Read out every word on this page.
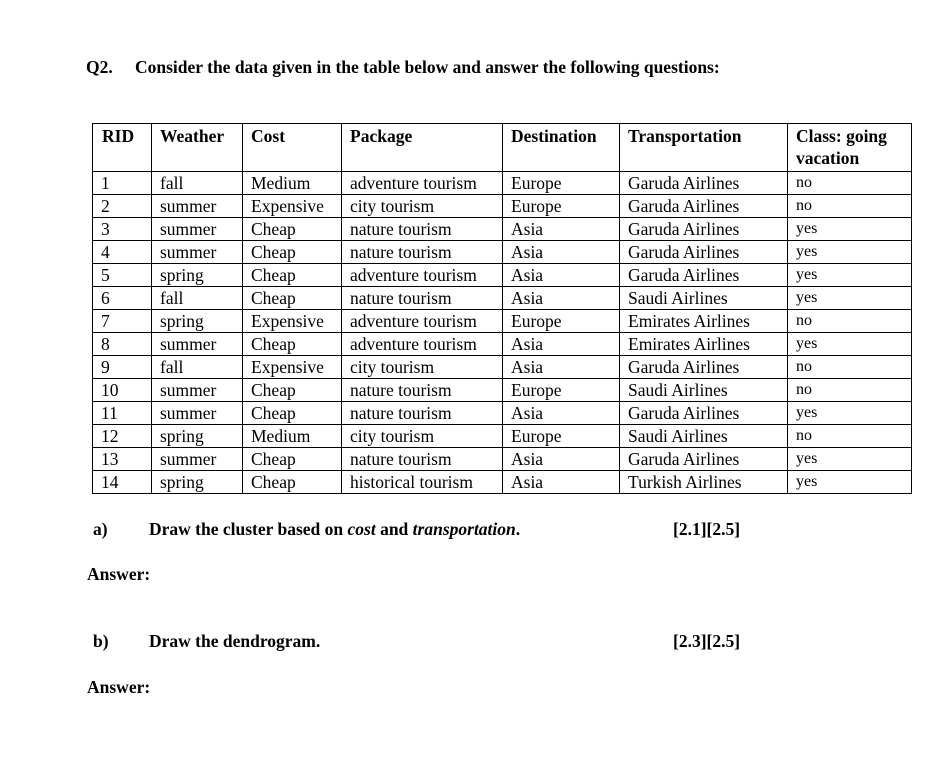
Q2. Consider the data given in the table below and answer the following questions:
RID	Weather	Cost	Package	Destination	Transportation	Class: going vacation
1	fall	Medium	adventure tourism	Europe	Garuda Airlines	no
2	summer	Expensive	city tourism	Europe	Garuda Airlines	no
3	summer	Cheap	nature tourism	Asia	Garuda Airlines	yes
4	summer	Cheap	nature tourism	Asia	Garuda Airlines	yes
5	spring	Cheap	adventure tourism	Asia	Garuda Airlines	yes
6	fall	Cheap	nature tourism	Asia	Saudi Airlines	yes
7	spring	Expensive	adventure tourism	Europe	Emirates Airlines	no
8	summer	Cheap	adventure tourism	Asia	Emirates Airlines	yes
9	fall	Expensive	city tourism	Asia	Garuda Airlines	no
10	summer	Cheap	nature tourism	Europe	Saudi Airlines	no
11	summer	Cheap	nature tourism	Asia	Garuda Airlines	yes
12	spring	Medium	city tourism	Europe	Saudi Airlines	no
13	summer	Cheap	nature tourism	Asia	Garuda Airlines	yes
14	spring	Cheap	historical tourism	Asia	Turkish Airlines	yes
a) Draw the cluster based on cost and transportation.	[2.1][2.5]
Answer:
b) Draw the dendrogram.	[2.3][2.5]
Answer:
